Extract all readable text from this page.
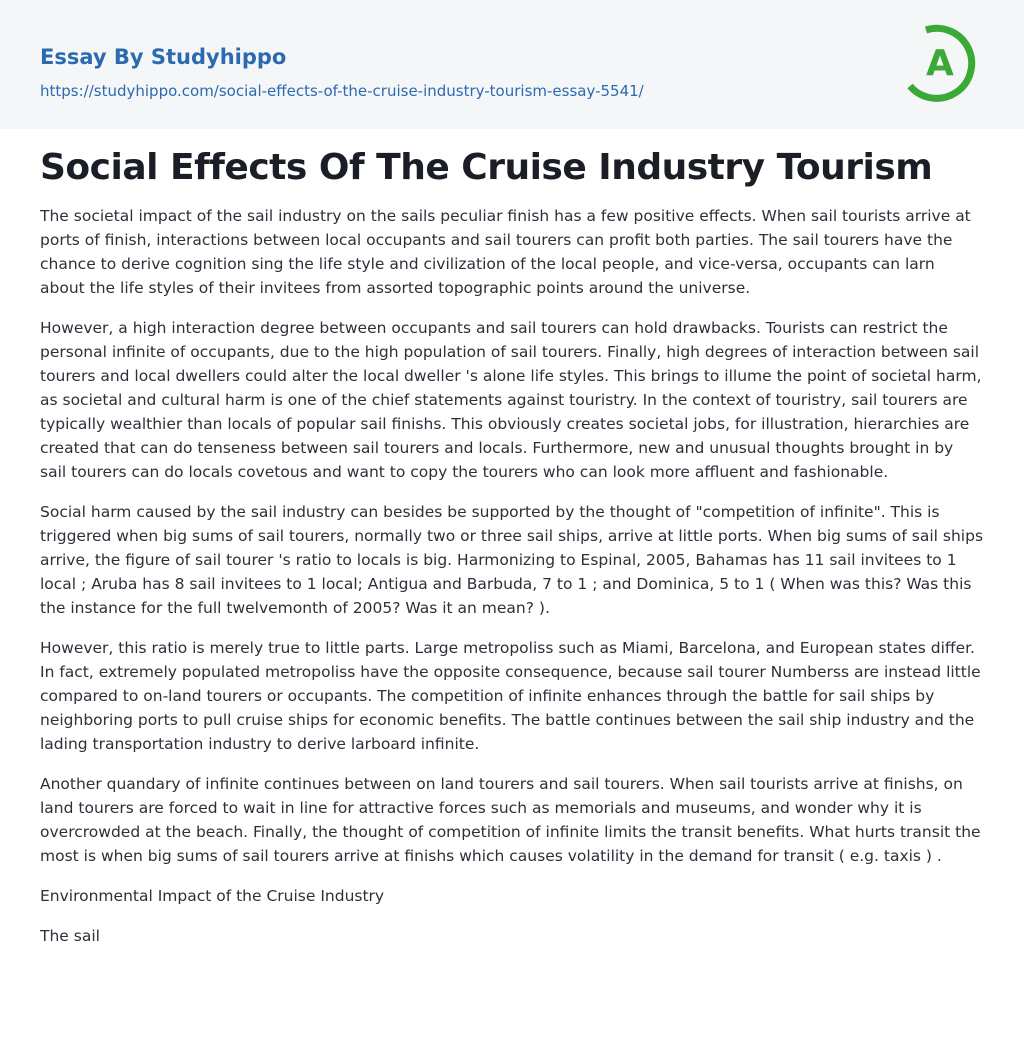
Essay By Studyhippo
https://studyhippo.com/social-effects-of-the-cruise-industry-tourism-essay-5541/
A
Social Effects Of The Cruise Industry Tourism

The societal impact of the sail industry on the sails peculiar finish has a few positive effects. When sail tourists arrive at ports of finish, interactions between local occupants and sail tourers can profit both parties. The sail tourers have the chance to derive cognition sing the life style and civilization of the local people, and vice-versa, occupants can larn about the life styles of their invitees from assorted topographic points around the universe.

However, a high interaction degree between occupants and sail tourers can hold drawbacks. Tourists can restrict the personal infinite of occupants, due to the high population of sail tourers. Finally, high degrees of interaction between sail tourers and local dwellers could alter the local dweller 's alone life styles. This brings to illume the point of societal harm, as societal and cultural harm is one of the chief statements against touristry. In the context of touristry, sail tourers are typically wealthier than locals of popular sail finishs. This obviously creates societal jobs, for illustration, hierarchies are created that can do tenseness between sail tourers and locals. Furthermore, new and unusual thoughts brought in by sail tourers can do locals covetous and want to copy the tourers who can look more affluent and fashionable.

Social harm caused by the sail industry can besides be supported by the thought of "competition of infinite". This is triggered when big sums of sail tourers, normally two or three sail ships, arrive at little ports. When big sums of sail ships arrive, the figure of sail tourer 's ratio to locals is big. Harmonizing to Espinal, 2005, Bahamas has 11 sail invitees to 1 local ; Aruba has 8 sail invitees to 1 local; Antigua and Barbuda, 7 to 1 ; and Dominica, 5 to 1 ( When was this? Was this the instance for the full twelvemonth of 2005? Was it an mean? ).

However, this ratio is merely true to little parts. Large metropoliss such as Miami, Barcelona, and European states differ. In fact, extremely populated metropoliss have the opposite consequence, because sail tourer Numberss are instead little compared to on-land tourers or occupants. The competition of infinite enhances through the battle for sail ships by neighboring ports to pull cruise ships for economic benefits. The battle continues between the sail ship industry and the lading transportation industry to derive larboard infinite.

Another quandary of infinite continues between on land tourers and sail tourers. When sail tourists arrive at finishs, on land tourers are forced to wait in line for attractive forces such as memorials and museums, and wonder why it is overcrowded at the beach. Finally, the thought of competition of infinite limits the transit benefits. What hurts transit the most is when big sums of sail tourers arrive at finishs which causes volatility in the demand for transit ( e.g. taxis ) .

Environmental Impact of the Cruise Industry

The sail
